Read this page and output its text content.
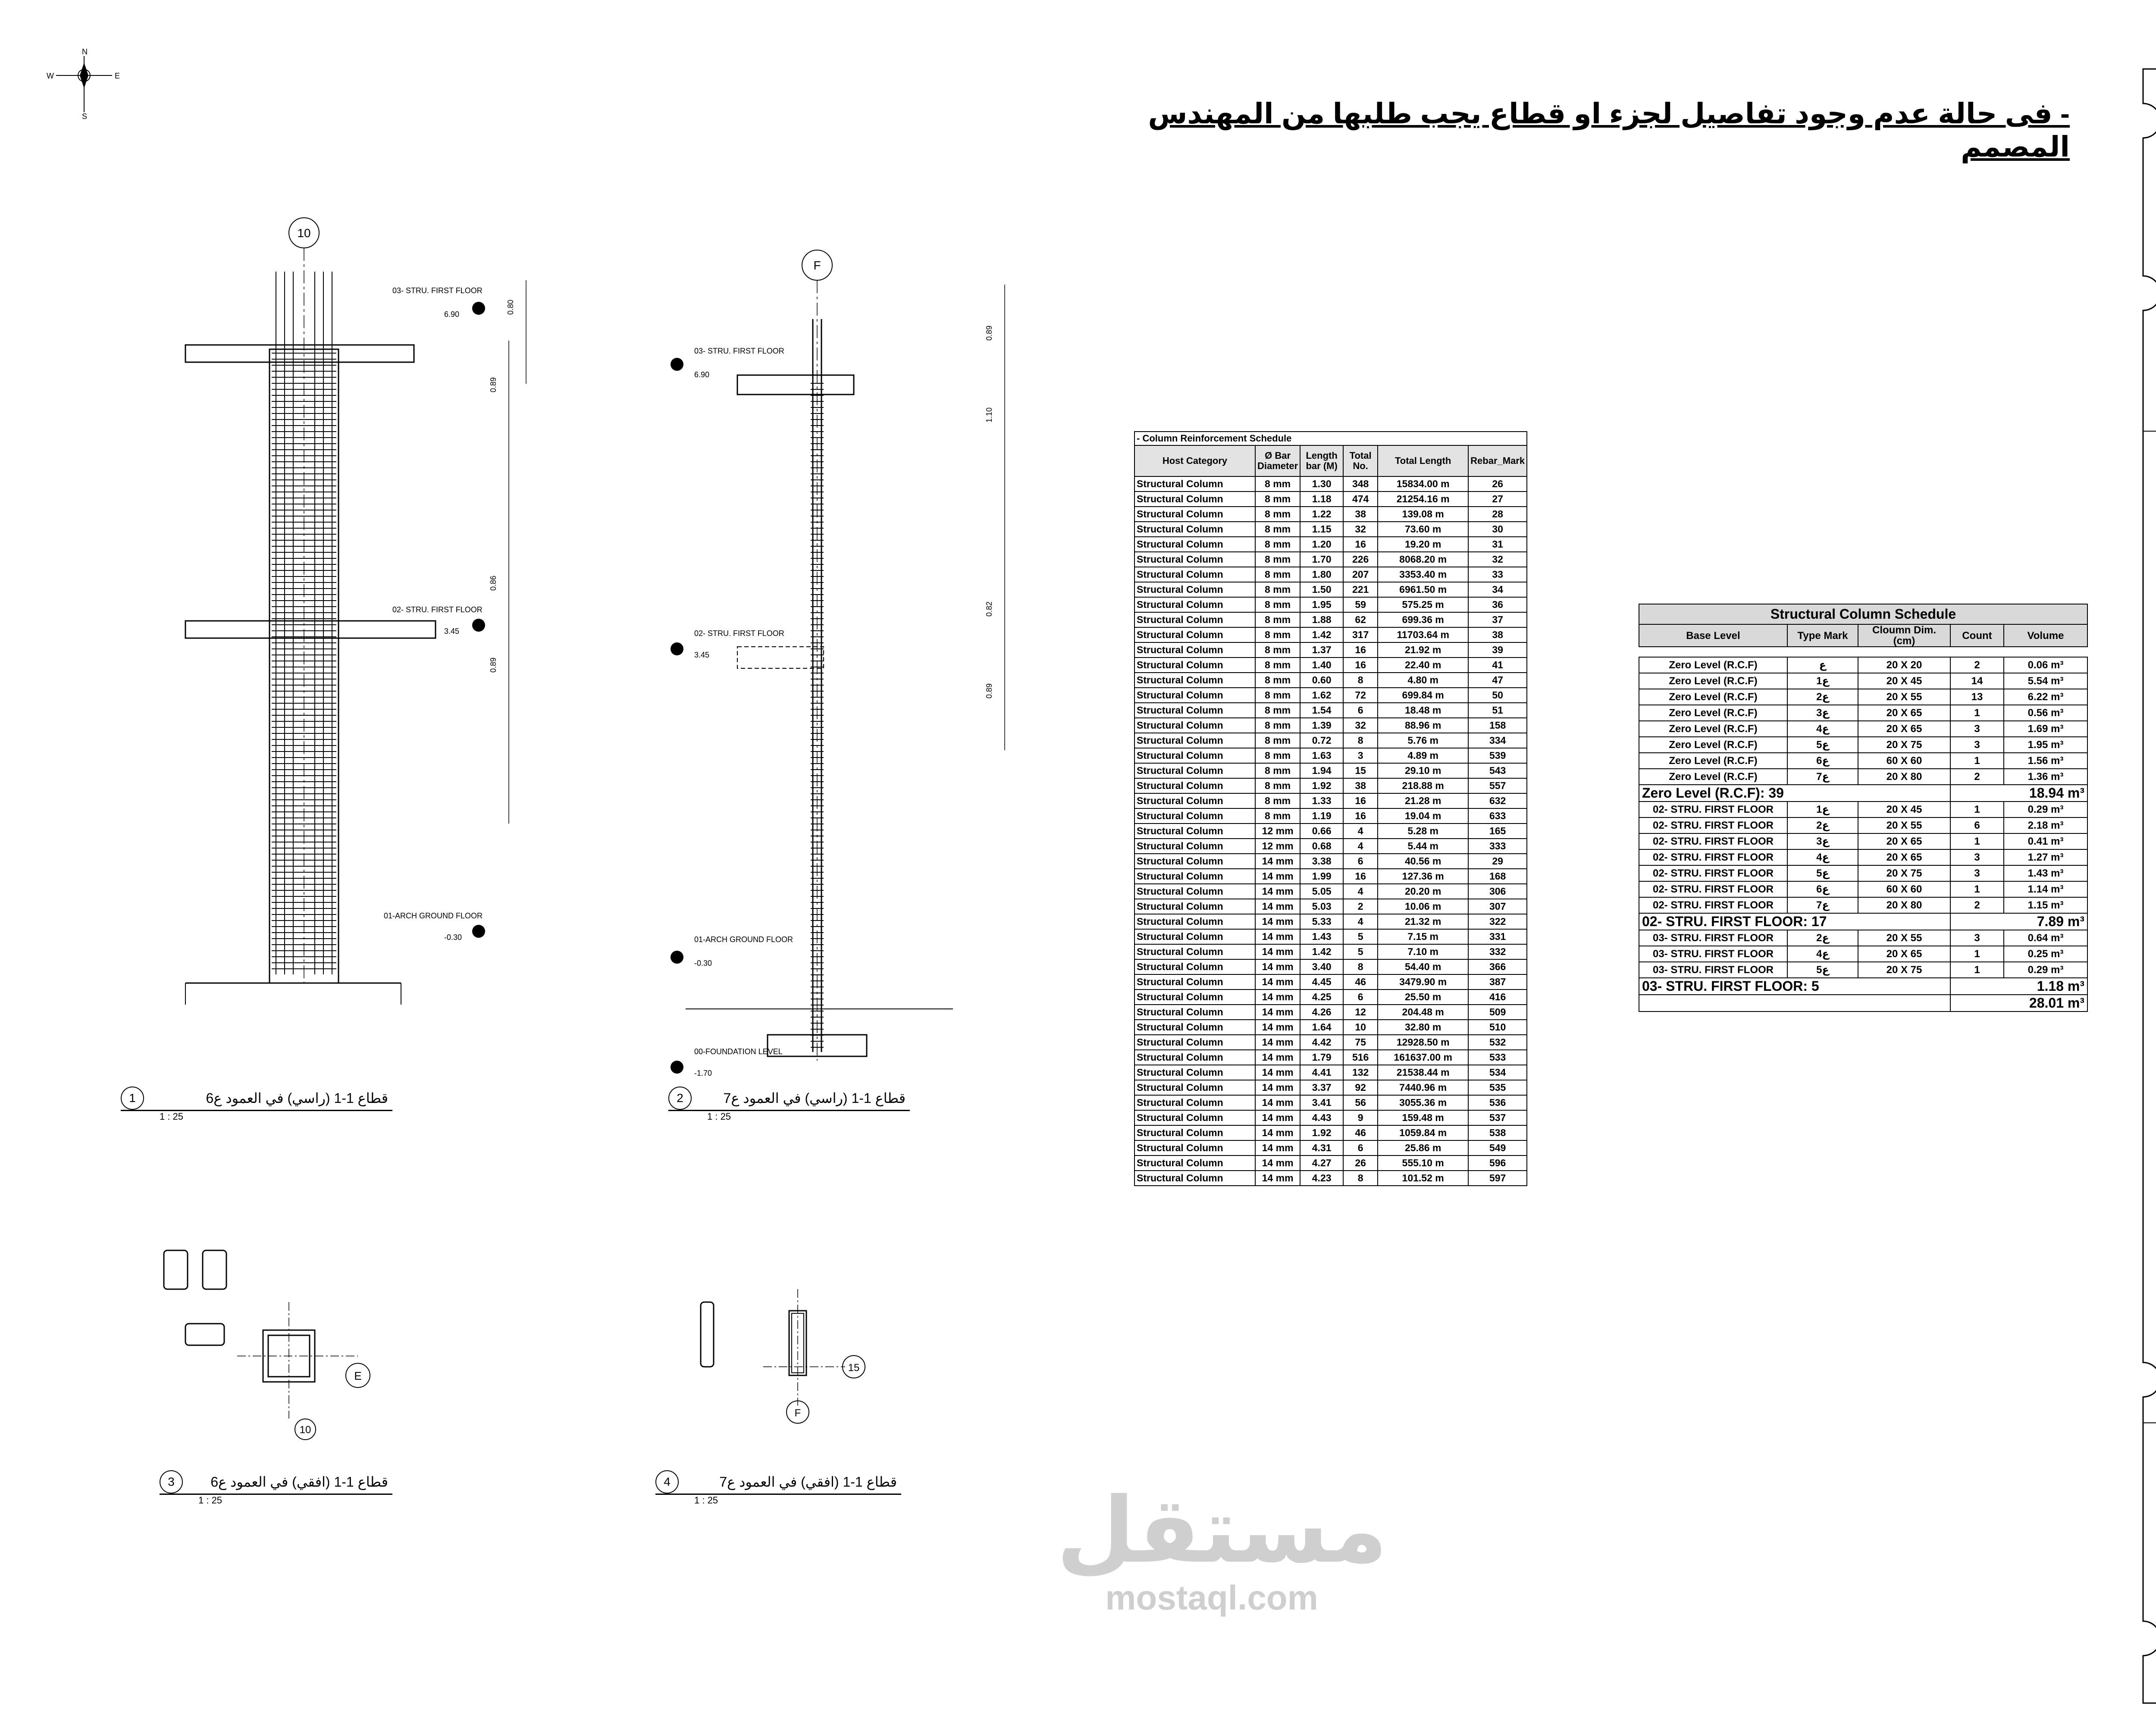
N
S
E
W
- فى حالة عدم وجود تفاصيل لجزء او قطاع يجب طلبها من المهندس المصمم
مستقل
mostaql.com
10
03- STRU. FIRST FLOOR
6.90
02- STRU. FIRST FLOOR
3.45
01-ARCH GROUND FLOOR
-0.30
0.80
0.89
0.86
0.89
F
03- STRU. FIRST FLOOR
6.90
02- STRU. FIRST FLOOR
3.45
01-ARCH GROUND FLOOR
-0.30
00-FOUNDATION LEVEL
-1.70
0.89
1.10
0.82
0.89
E
10
15
F
1	قطاع 1-1 (راسي) في العمود ع6
1 : 25
2	قطاع 1-1 (راسي) في العمود ع7
1 : 25
3	قطاع 1-1 (افقي) في العمود ع6
1 : 25
4	قطاع 1-1 (افقي) في العمود ع7
1 : 25
- Column Reinforcement Schedule					
Host Category	Ø Bar Diameter	Length bar (M)	Total No.	Total Length	Rebar_Mark
Structural Column	8 mm	1.30	348	15834.00 m	26
Structural Column	8 mm	1.18	474	21254.16 m	27
Structural Column	8 mm	1.22	38	139.08 m	28
Structural Column	8 mm	1.15	32	73.60 m	30
Structural Column	8 mm	1.20	16	19.20 m	31
Structural Column	8 mm	1.70	226	8068.20 m	32
Structural Column	8 mm	1.80	207	3353.40 m	33
Structural Column	8 mm	1.50	221	6961.50 m	34
Structural Column	8 mm	1.95	59	575.25 m	36
Structural Column	8 mm	1.88	62	699.36 m	37
Structural Column	8 mm	1.42	317	11703.64 m	38
Structural Column	8 mm	1.37	16	21.92 m	39
Structural Column	8 mm	1.40	16	22.40 m	41
Structural Column	8 mm	0.60	8	4.80 m	47
Structural Column	8 mm	1.62	72	699.84 m	50
Structural Column	8 mm	1.54	6	18.48 m	51
Structural Column	8 mm	1.39	32	88.96 m	158
Structural Column	8 mm	0.72	8	5.76 m	334
Structural Column	8 mm	1.63	3	4.89 m	539
Structural Column	8 mm	1.94	15	29.10 m	543
Structural Column	8 mm	1.92	38	218.88 m	557
Structural Column	8 mm	1.33	16	21.28 m	632
Structural Column	8 mm	1.19	16	19.04 m	633
Structural Column	12 mm	0.66	4	5.28 m	165
Structural Column	12 mm	0.68	4	5.44 m	333
Structural Column	14 mm	3.38	6	40.56 m	29
Structural Column	14 mm	1.99	16	127.36 m	168
Structural Column	14 mm	5.05	4	20.20 m	306
Structural Column	14 mm	5.03	2	10.06 m	307
Structural Column	14 mm	5.33	4	21.32 m	322
Structural Column	14 mm	1.43	5	7.15 m	331
Structural Column	14 mm	1.42	5	7.10 m	332
Structural Column	14 mm	3.40	8	54.40 m	366
Structural Column	14 mm	4.45	46	3479.90 m	387
Structural Column	14 mm	4.25	6	25.50 m	416
Structural Column	14 mm	4.26	12	204.48 m	509
Structural Column	14 mm	1.64	10	32.80 m	510
Structural Column	14 mm	4.42	75	12928.50 m	532
Structural Column	14 mm	1.79	516	161637.00 m	533
Structural Column	14 mm	4.41	132	21538.44 m	534
Structural Column	14 mm	3.37	92	7440.96 m	535
Structural Column	14 mm	3.41	56	3055.36 m	536
Structural Column	14 mm	4.43	9	159.48 m	537
Structural Column	14 mm	1.92	46	1059.84 m	538
Structural Column	14 mm	4.31	6	25.86 m	549
Structural Column	14 mm	4.27	26	555.10 m	596
Structural Column	14 mm	4.23	8	101.52 m	597
Structural Column Schedule				
Base Level	Type Mark	Cloumn Dim. (cm)	Count	Volume

Zero Level (R.C.F)	ع	20 X 20	2	0.06 m³
Zero Level (R.C.F)	ع1	20 X 45	14	5.54 m³
Zero Level (R.C.F)	ع2	20 X 55	13	6.22 m³
Zero Level (R.C.F)	ع3	20 X 65	1	0.56 m³
Zero Level (R.C.F)	ع4	20 X 65	3	1.69 m³
Zero Level (R.C.F)	ع5	20 X 75	3	1.95 m³
Zero Level (R.C.F)	ع6	60 X 60	1	1.56 m³
Zero Level (R.C.F)	ع7	20 X 80	2	1.36 m³
Zero Level (R.C.F): 39			18.94 m³	
02- STRU. FIRST FLOOR	ع1	20 X 45	1	0.29 m³
02- STRU. FIRST FLOOR	ع2	20 X 55	6	2.18 m³
02- STRU. FIRST FLOOR	ع3	20 X 65	1	0.41 m³
02- STRU. FIRST FLOOR	ع4	20 X 65	3	1.27 m³
02- STRU. FIRST FLOOR	ع5	20 X 75	3	1.43 m³
02- STRU. FIRST FLOOR	ع6	60 X 60	1	1.14 m³
02- STRU. FIRST FLOOR	ع7	20 X 80	2	1.15 m³
02- STRU. FIRST FLOOR: 17			7.89 m³	
03- STRU. FIRST FLOOR	ع2	20 X 55	3	0.64 m³
03- STRU. FIRST FLOOR	ع4	20 X 65	1	0.25 m³
03- STRU. FIRST FLOOR	ع5	20 X 75	1	0.29 m³
03- STRU. FIRST FLOOR: 5			1.18 m³	
			28.01 m³	
